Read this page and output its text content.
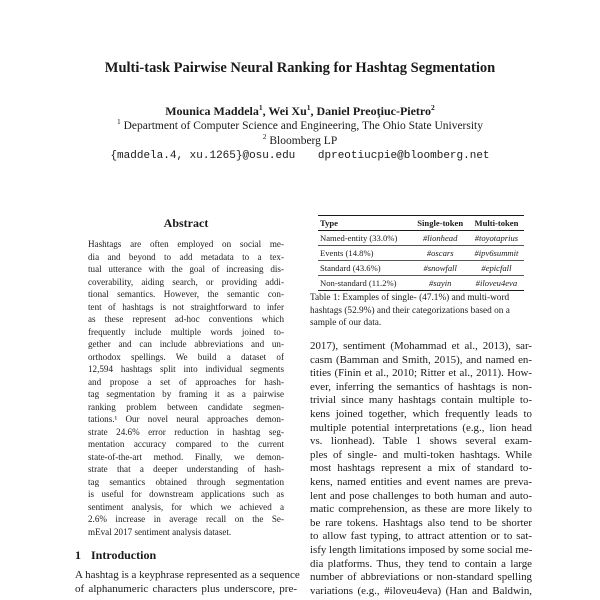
Multi-task Pairwise Neural Ranking for Hashtag Segmentation
Mounica Maddela$^1$, Wei Xu$^1$, Daniel Preoţiuc-Pietro$^2$
$^1$ Department of Computer Science and Engineering, The Ohio State University
$^2$ Bloomberg LP
{maddela.4, xu.1265}@osu.edu dpreotiucpie@bloomberg.net
Abstract
Hashtags are often employed on social me-
dia and beyond to add metadata to a tex-
tual utterance with the goal of increasing dis-
coverability, aiding search, or providing addi-
tional semantics. However, the semantic con-
tent of hashtags is not straightforward to infer
as these represent ad-hoc conventions which
frequently include multiple words joined to-
gether and can include abbreviations and un-
orthodox spellings. We build a dataset of
12,594 hashtags split into individual segments
and propose a set of approaches for hash-
tag segmentation by framing it as a pairwise
ranking problem between candidate segmen-
tations.¹ Our novel neural approaches demon-
strate 24.6% error reduction in hashtag seg-
mentation accuracy compared to the current
state-of-the-art method. Finally, we demon-
strate that a deeper understanding of hash-
tag semantics obtained through segmentation
is useful for downstream applications such as
sentiment analysis, for which we achieved a
2.6% increase in average recall on the Se-
mEval 2017 sentiment analysis dataset.
1 Introduction
A hashtag is a keyphrase represented as a sequence
of alphanumeric characters plus underscore, pre-
Type	Single-token	Multi-token
Named-entity (33.0%)	#lionhead	#toyotaprius
Events (14.8%)	#oscars	#ipv6summit
Standard (43.6%)	#snowfall	#epicfall
Non-standard (11.2%)	#sayin	#iloveu4eva
Table 1: Examples of single- (47.1%) and multi-word
hashtags (52.9%) and their categorizations based on a
sample of our data.
2017), sentiment (Mohammad et al., 2013), sar-
casm (Bamman and Smith, 2015), and named en-
tities (Finin et al., 2010; Ritter et al., 2011). How-
ever, inferring the semantics of hashtags is non-
trivial since many hashtags contain multiple to-
kens joined together, which frequently leads to
multiple potential interpretations (e.g., lion head
vs. lionhead). Table 1 shows several exam-
ples of single- and multi-token hashtags. While
most hashtags represent a mix of standard to-
kens, named entities and event names are preva-
lent and pose challenges to both human and auto-
matic comprehension, as these are more likely to
be rare tokens. Hashtags also tend to be shorter
to allow fast typing, to attract attention or to sat-
isfy length limitations imposed by some social me-
dia platforms. Thus, they tend to contain a large
number of abbreviations or non-standard spelling
variations (e.g., #iloveu4eva) (Han and Baldwin,
